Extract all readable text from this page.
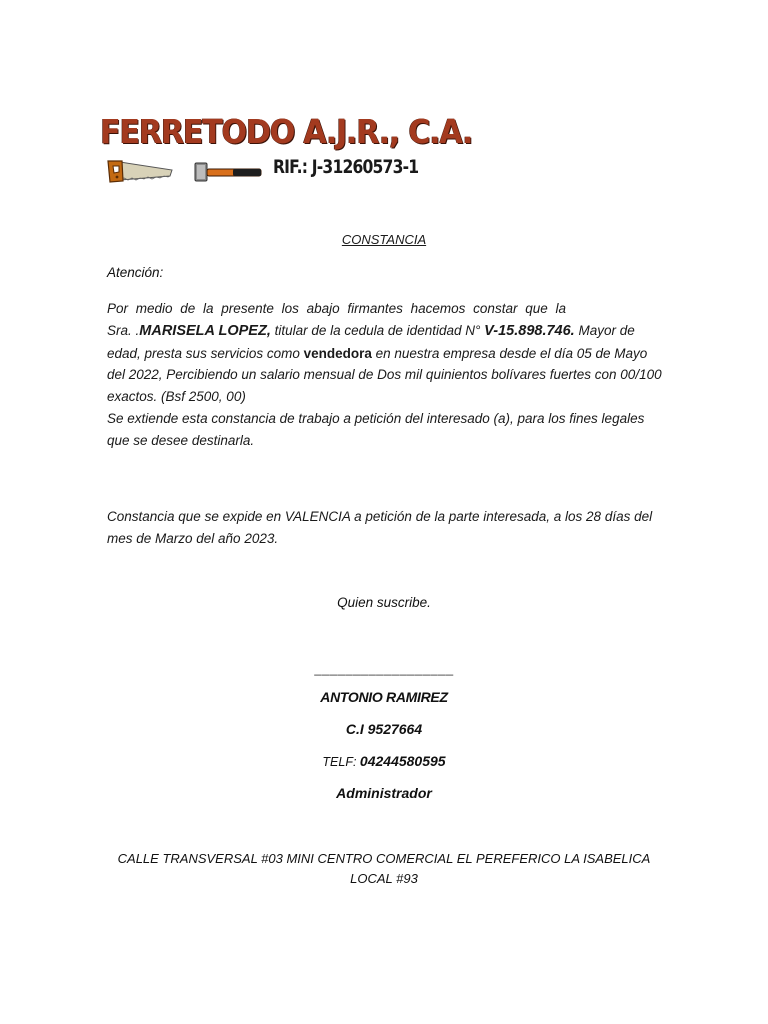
FERRETODO A.J.R., C.A.
RIF.: J-31260573-1

CONSTANCIA

Atención:

Por medio de la presente los abajo firmantes hacemos constar que la
Sra. .MARISELA LOPEZ, titular de la cedula de identidad N° V-15.898.746. Mayor de edad, presta sus servicios como vendedora en nuestra empresa desde el día 05 de Mayo del 2022, Percibiendo un salario mensual de Dos mil quinientos bolívares fuertes con 00/100 exactos. (Bsf 2500, 00)
Se extiende esta constancia de trabajo a petición del interesado (a), para los fines legales que se desee destinarla.

Constancia que se expide en VALENCIA a petición de la parte interesada, a los 28 días del mes de Marzo del año 2023.

Quien suscribe.

__________________

ANTONIO RAMIREZ

C.I 9527664

TELF: 04244580595

Administrador

CALLE TRANSVERSAL #03 MINI CENTRO COMERCIAL EL PEREFERICO LA ISABELICA LOCAL #93
